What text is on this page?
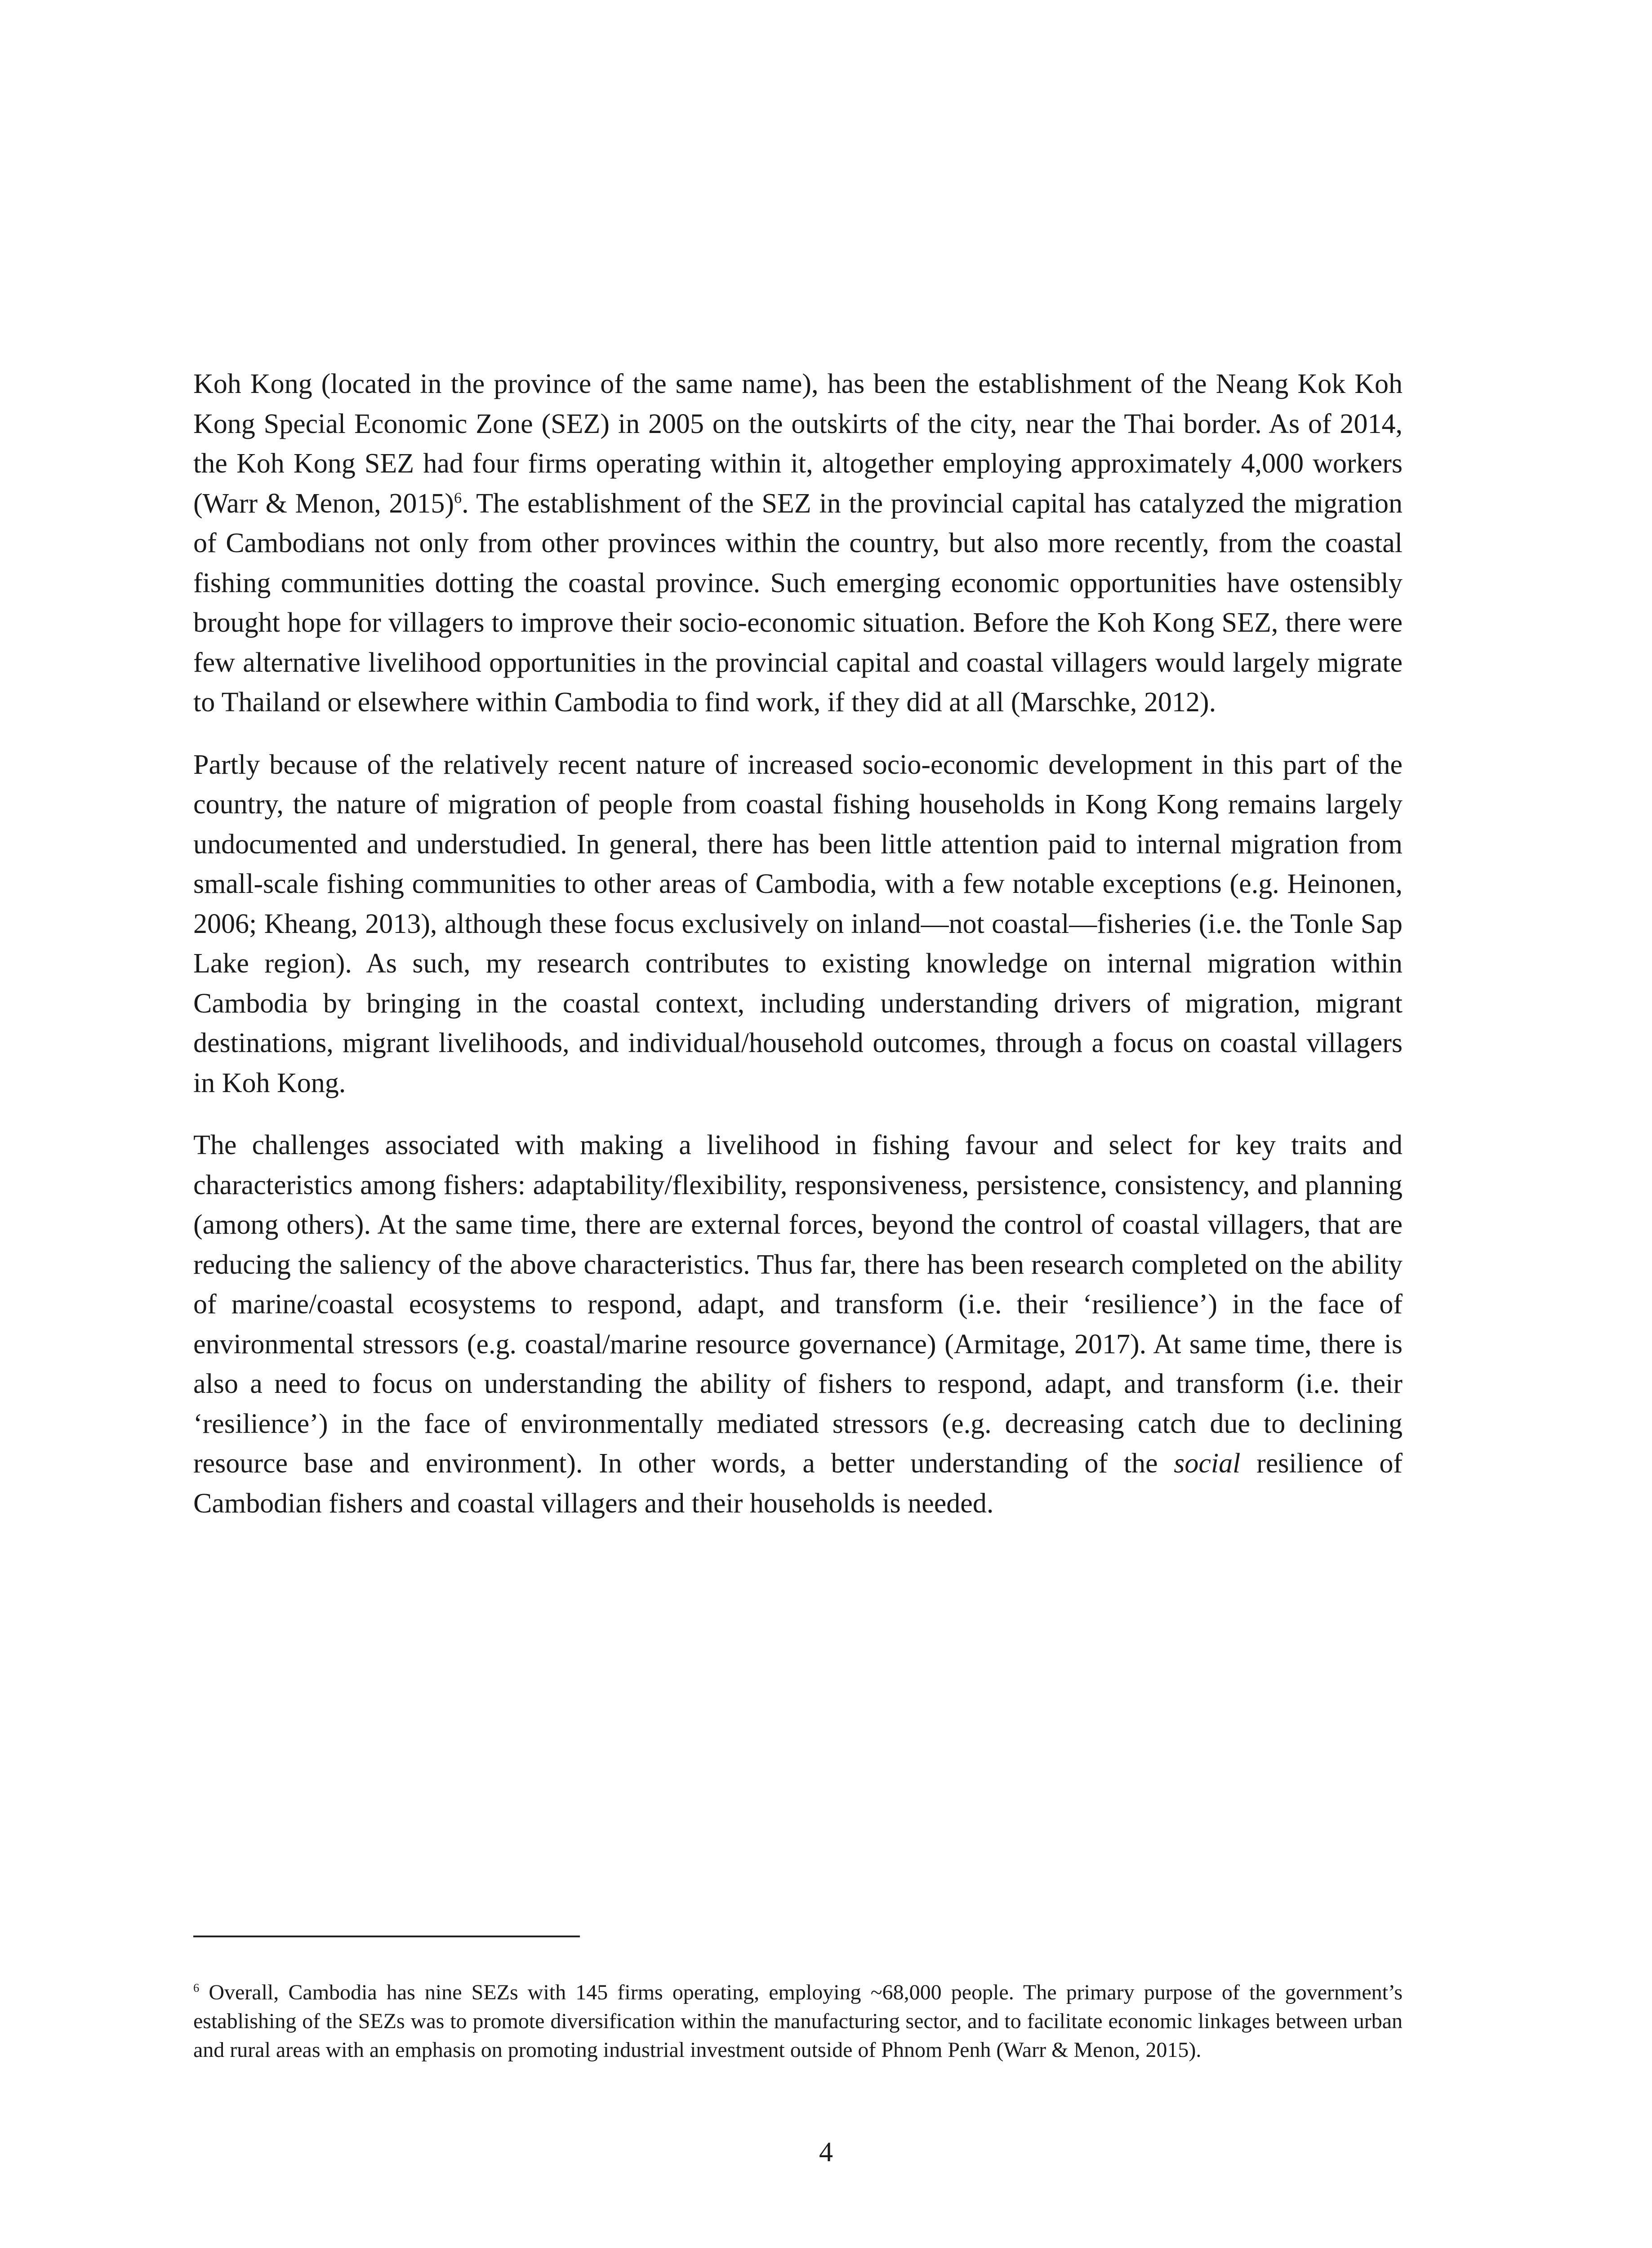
Koh Kong (located in the province of the same name), has been the establishment of the Neang Kok Koh Kong Special Economic Zone (SEZ) in 2005 on the outskirts of the city, near the Thai border. As of 2014, the Koh Kong SEZ had four firms operating within it, altogether employing approximately 4,000 workers (Warr & Menon, 2015)$^6$. The establishment of the SEZ in the provincial capital has catalyzed the migration of Cambodians not only from other provinces within the country, but also more recently, from the coastal fishing communities dotting the coastal province. Such emerging economic opportunities have ostensibly brought hope for villagers to improve their socio-economic situation. Before the Koh Kong SEZ, there were few alternative livelihood opportunities in the provincial capital and coastal villagers would largely migrate to Thailand or elsewhere within Cambodia to find work, if they did at all (Marschke, 2012).

Partly because of the relatively recent nature of increased socio-economic development in this part of the country, the nature of migration of people from coastal fishing households in Kong Kong remains largely undocumented and understudied. In general, there has been little attention paid to internal migration from small-scale fishing communities to other areas of Cambodia, with a few notable exceptions (e.g. Heinonen, 2006; Kheang, 2013), although these focus exclusively on inland—not coastal—fisheries (i.e. the Tonle Sap Lake region). As such, my research contributes to existing knowledge on internal migration within Cambodia by bringing in the coastal context, including understanding drivers of migration, migrant destinations, migrant livelihoods, and individual/household outcomes, through a focus on coastal villagers in Koh Kong.

The challenges associated with making a livelihood in fishing favour and select for key traits and characteristics among fishers: adaptability/flexibility, responsiveness, persistence, consistency, and planning (among others). At the same time, there are external forces, beyond the control of coastal villagers, that are reducing the saliency of the above characteristics. Thus far, there has been research completed on the ability of marine/coastal ecosystems to respond, adapt, and transform (i.e. their ‘resilience’) in the face of environmental stressors (e.g. coastal/marine resource governance) (Armitage, 2017). At same time, there is also a need to focus on understanding the ability of fishers to respond, adapt, and transform (i.e. their ‘resilience’) in the face of environmentally mediated stressors (e.g. decreasing catch due to declining resource base and environment). In other words, a better understanding of the social resilience of Cambodian fishers and coastal villagers and their households is needed.

$^6$ Overall, Cambodia has nine SEZs with 145 firms operating, employing ~68,000 people. The primary purpose of the government’s establishing of the SEZs was to promote diversification within the manufacturing sector, and to facilitate economic linkages between urban and rural areas with an emphasis on promoting industrial investment outside of Phnom Penh (Warr & Menon, 2015).

4
